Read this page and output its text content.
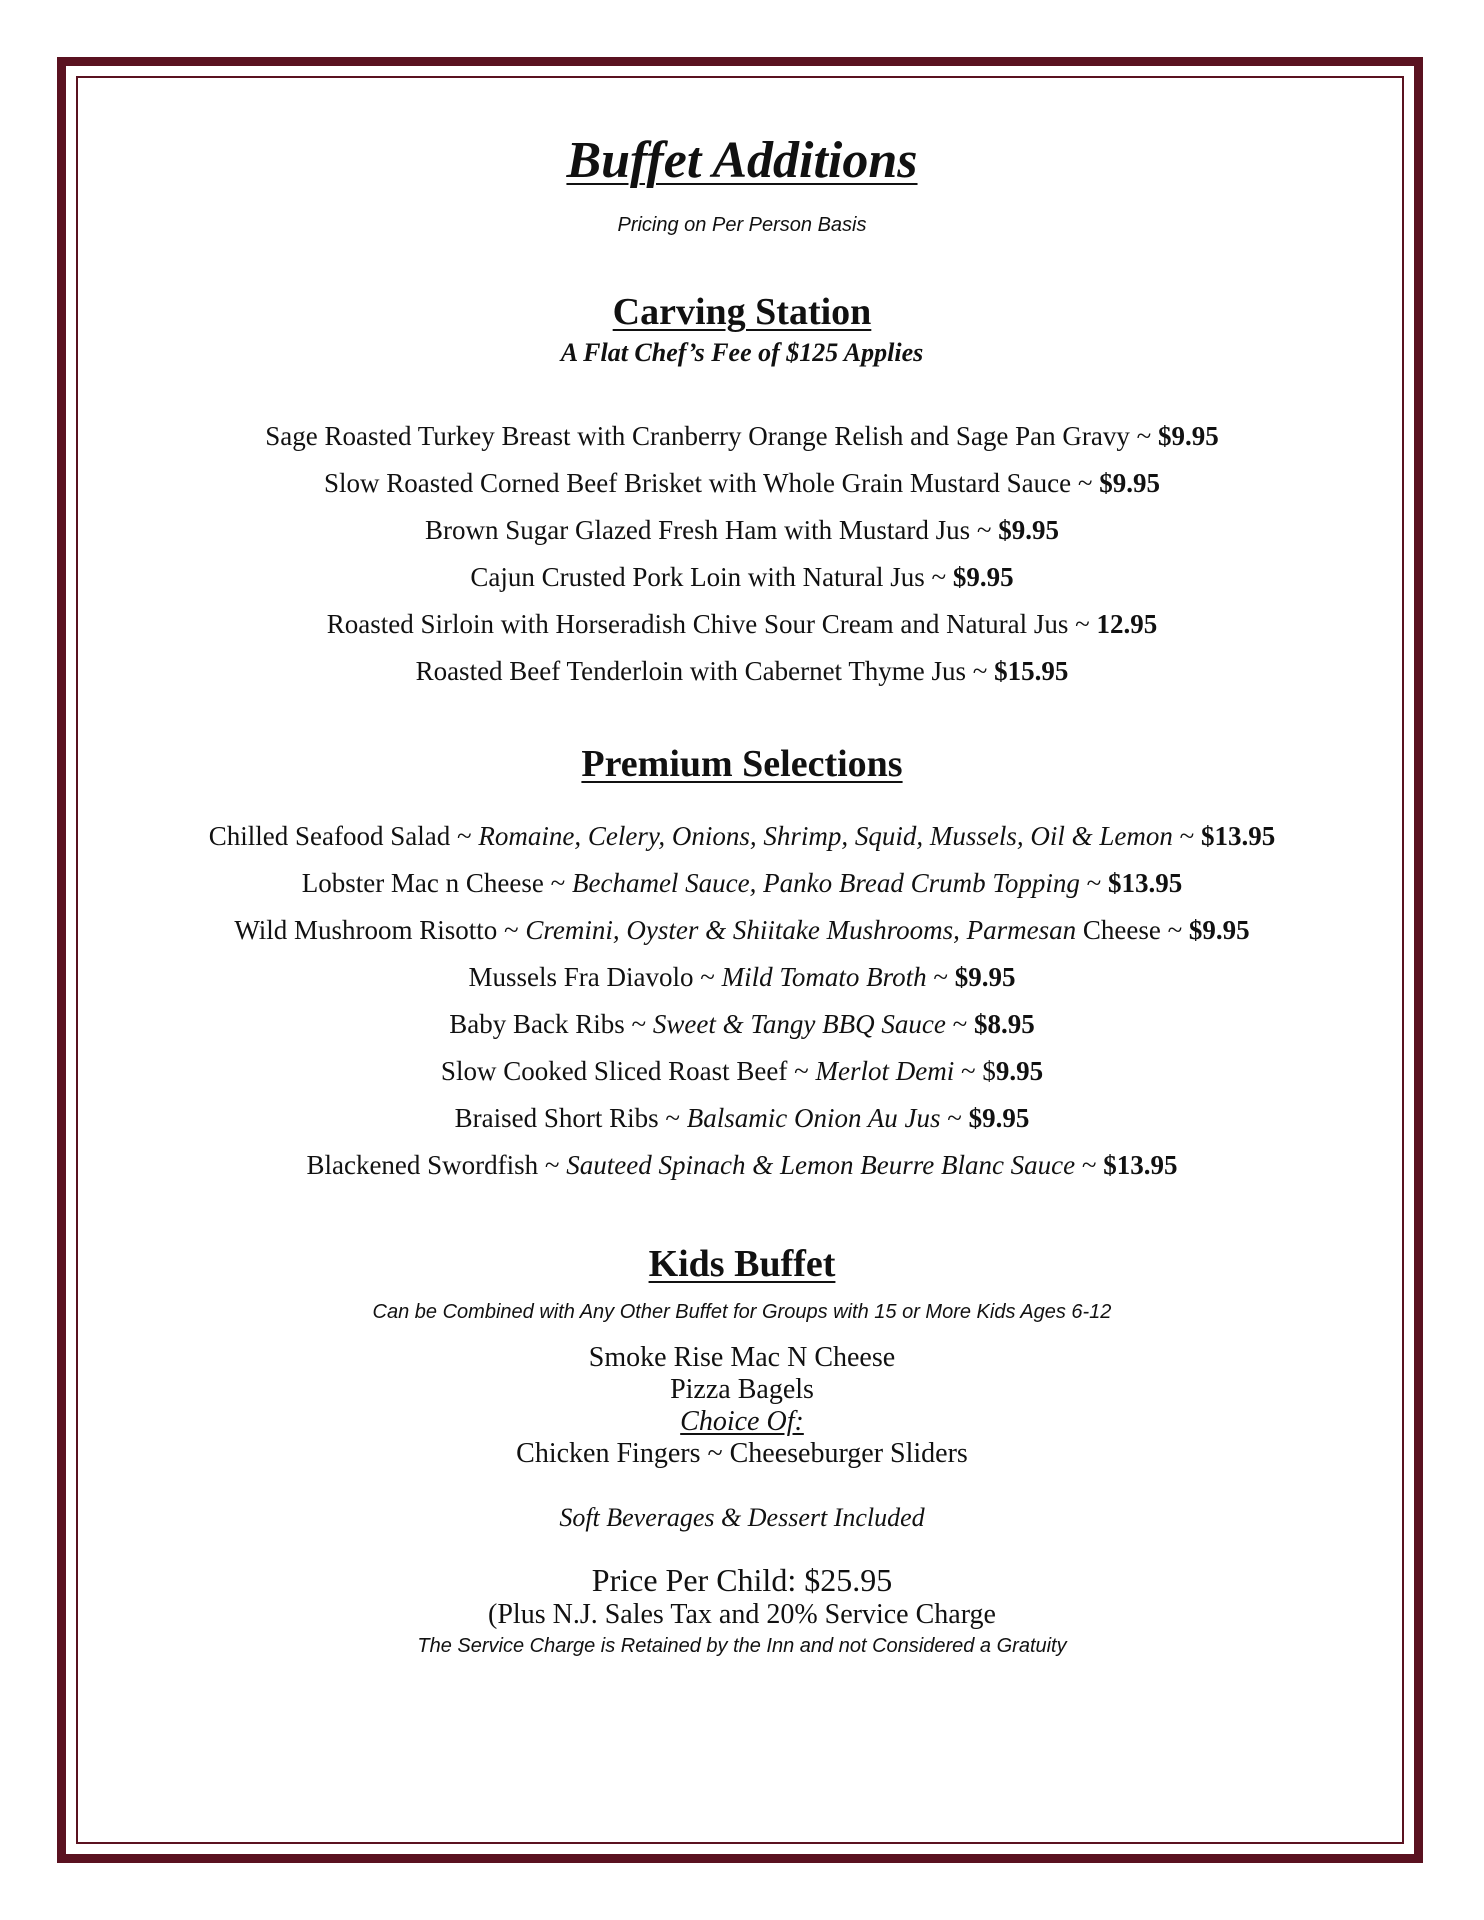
Buffet Additions
Pricing on Per Person Basis
Carving Station
A Flat Chef’s Fee of $125 Applies
Sage Roasted Turkey Breast with Cranberry Orange Relish and Sage Pan Gravy ~ $9.95
Slow Roasted Corned Beef Brisket with Whole Grain Mustard Sauce ~ $9.95
Brown Sugar Glazed Fresh Ham with Mustard Jus ~ $9.95
Cajun Crusted Pork Loin with Natural Jus ~ $9.95
Roasted Sirloin with Horseradish Chive Sour Cream and Natural Jus ~ 12.95
Roasted Beef Tenderloin with Cabernet Thyme Jus ~ $15.95
Premium Selections
Chilled Seafood Salad ~ Romaine, Celery, Onions, Shrimp, Squid, Mussels, Oil & Lemon ~ $13.95
Lobster Mac n Cheese ~ Bechamel Sauce, Panko Bread Crumb Topping ~ $13.95
Wild Mushroom Risotto ~ Cremini, Oyster & Shiitake Mushrooms, Parmesan Cheese ~ $9.95
Mussels Fra Diavolo ~ Mild Tomato Broth ~ $9.95
Baby Back Ribs ~ Sweet & Tangy BBQ Sauce ~ $8.95
Slow Cooked Sliced Roast Beef ~ Merlot Demi ~ $9.95
Braised Short Ribs ~ Balsamic Onion Au Jus ~ $9.95
Blackened Swordfish ~ Sauteed Spinach & Lemon Beurre Blanc Sauce ~ $13.95
Kids Buffet
Can be Combined with Any Other Buffet for Groups with 15 or More Kids Ages 6-12
Smoke Rise Mac N Cheese
Pizza Bagels
Choice Of:
Chicken Fingers ~ Cheeseburger Sliders
Soft Beverages & Dessert Included
Price Per Child: $25.95
(Plus N.J. Sales Tax and 20% Service Charge
The Service Charge is Retained by the Inn and not Considered a Gratuity
